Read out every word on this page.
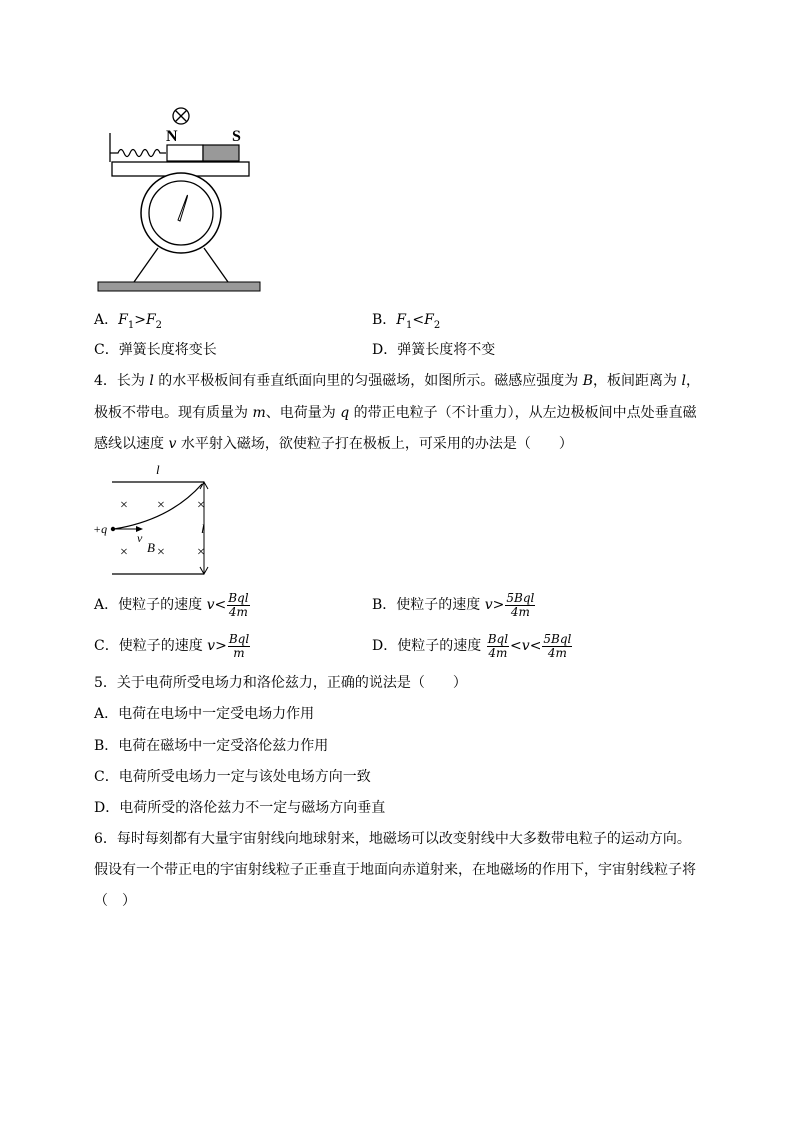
N	S
A．$F_1>F_2$	B．$F_1<F_2$
C．弹簧长度将变长	D．弹簧长度将不变
4．长为 l 的水平极板间有垂直纸面向里的匀强磁场，如图所示。磁感应强度为 B，板间距离为 l，
极板不带电。现有质量为 m、电荷量为 q 的带正电粒子（不计重力），从左边极板间中点处垂直磁
感线以速度 v 水平射入磁场，欲使粒子打在极板上，可采用的办法是（　　）
l
l
× × ×
× × ×
+q
v
B
A．使粒子的速度 $v< \frac{\text{Bql}}{4m}$	B．使粒子的速度 $v> \frac{\text{5Bql}}{4m}$
C．使粒子的速度 $v> \frac{\text{Bql}}{m}$	D．使粒子的速度 $\frac{\text{Bql}}{4m} <v< \frac{\text{5Bql}}{4m}$
5．关于电荷所受电场力和洛伦兹力，正确的说法是（　　）
A．电荷在电场中一定受电场力作用
B．电荷在磁场中一定受洛伦兹力作用
C．电荷所受电场力一定与该处电场方向一致
D．电荷所受的洛伦兹力不一定与磁场方向垂直
6．每时每刻都有大量宇宙射线向地球射来，地磁场可以改变射线中大多数带电粒子的运动方向。
假设有一个带正电的宇宙射线粒子正垂直于地面向赤道射来，在地磁场的作用下，宇宙射线粒子将
（　）
